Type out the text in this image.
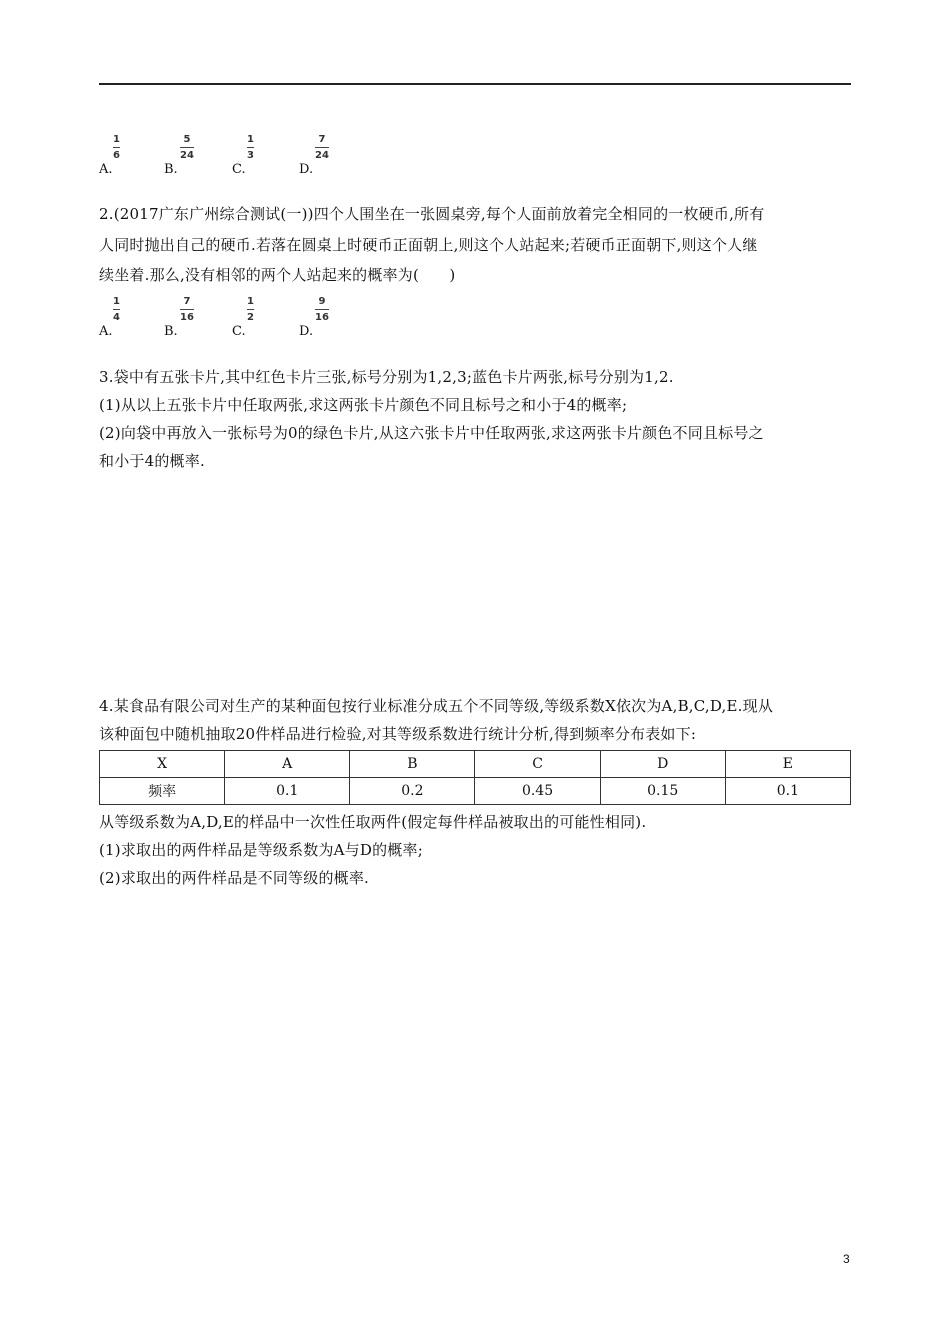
A.
1
6
B.
5
24
C.
1
3
D.
7
24
2.(2017广东广州综合测试(一))四个人围坐在一张圆桌旁,每个人面前放着完全相同的一枚硬币,所有
人同时抛出自己的硬币.若落在圆桌上时硬币正面朝上,则这个人站起来;若硬币正面朝下,则这个人继
续坐着.那么,没有相邻的两个人站起来的概率为(　　)
A.
1
4
B.
7
16
C.
1
2
D.
9
16
3.袋中有五张卡片,其中红色卡片三张,标号分别为1,2,3;蓝色卡片两张,标号分别为1,2.
(1)从以上五张卡片中任取两张,求这两张卡片颜色不同且标号之和小于4的概率;
(2)向袋中再放入一张标号为0的绿色卡片,从这六张卡片中任取两张,求这两张卡片颜色不同且标号之
和小于4的概率.
4.某食品有限公司对生产的某种面包按行业标准分成五个不同等级,等级系数X依次为A,B,C,D,E.现从
该种面包中随机抽取20件样品进行检验,对其等级系数进行统计分析,得到频率分布表如下:
X	A	B	C	D	E
频率	0.1	0.2	0.45	0.15	0.1
从等级系数为A,D,E的样品中一次性任取两件(假定每件样品被取出的可能性相同).
(1)求取出的两件样品是等级系数为A与D的概率;
(2)求取出的两件样品是不同等级的概率.
3
